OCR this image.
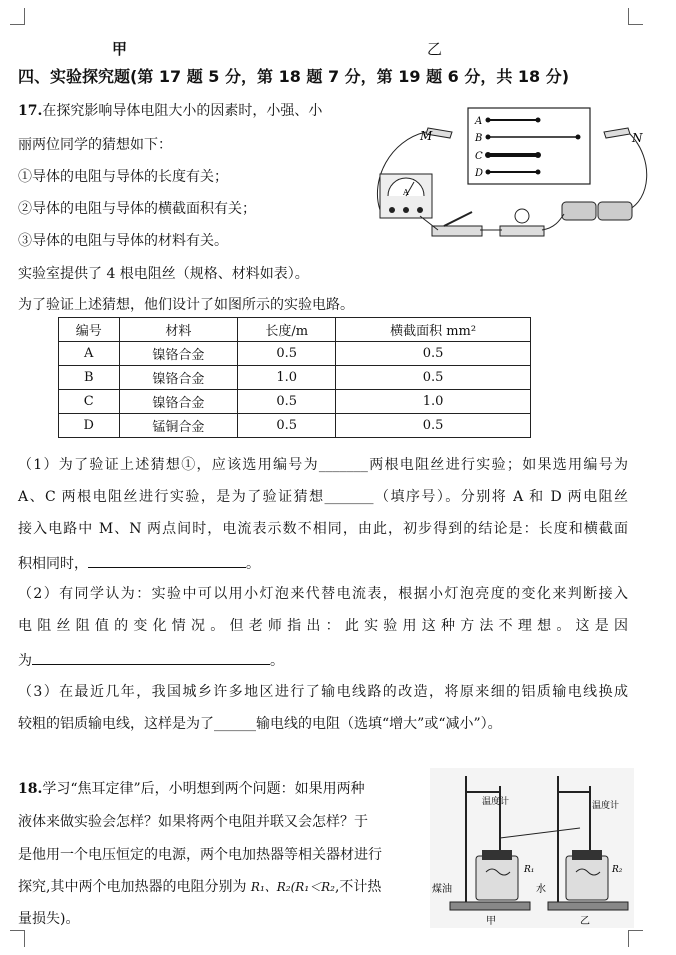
甲	乙
四、实验探究题(第 17 题 5 分，第 18 题 7 分，第 19 题 6 分，共 18 分)
17.在探究影响导体电阻大小的因素时，小强、小
丽两位同学的猜想如下：
①导体的电阻与导体的长度有关；
②导体的电阻与导体的横截面积有关；
③导体的电阻与导体的材料有关。
实验室提供了 4 根电阻丝（规格、材料如表）。
为了验证上述猜想，他们设计了如图所示的实验电路。
A
B
C
D
M	N
A
编号	材料	长度/m	横截面积 mm²
A	镍铬合金	0.5	0.5
B	镍铬合金	1.0	0.5
C	镍铬合金	0.5	1.0
D	锰铜合金	0.5	0.5
（1）为了验证上述猜想①，应该选用编号为_______两根电阻丝进行实验；如果选用编号为
A、C 两根电阻丝进行实验，是为了验证猜想_______（填序号）。分别将 A 和 D 两电阻丝
接入电路中 M、N 两点间时，电流表示数不相同，由此，初步得到的结论是：长度和横截面
积相同时，	。
（2）有同学认为：实验中可以用小灯泡来代替电流表，根据小灯泡亮度的变化来判断接入
电阻丝阻值的变化情况。但老师指出：此实验用这种方法不理想。这是因
为	。
（3）在最近几年，我国城乡许多地区进行了输电线路的改造，将原来细的铝质输电线换成
较粗的铝质输电线，这样是为了______输电线的电阻（选填“增大”或“减小”）。
18.学习“焦耳定律”后，小明想到两个问题：如果用两种
液体来做实验会怎样？如果将两个电阻并联又会怎样？于
是他用一个电压恒定的电源，两个电加热器等相关器材进行
探究,其中两个电加热器的电阻分别为 R₁、R₂(R₁＜R₂,不计热
量损失)。
温度计
R₁
煤油
甲
温度计
R₂
水
乙
